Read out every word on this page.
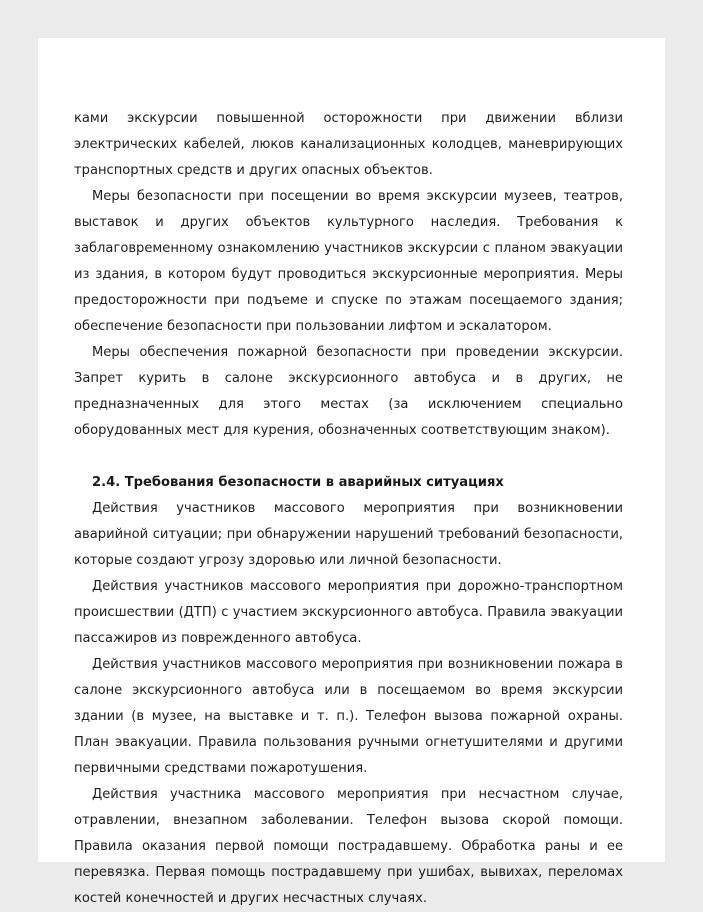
ками экскурсии повышенной осторожности при движении вблизи электрических кабелей, люков канализационных колодцев, маневрирующих транспортных средств и других опасных объектов.

Меры безопасности при посещении во время экскурсии музеев, театров, выставок и других объектов культурного наследия. Требования к заблаговременному ознакомлению участников экскурсии с планом эвакуации из здания, в котором будут проводиться экскурсионные мероприятия. Меры предосторожности при подъеме и спуске по этажам посещаемого здания; обеспечение безопасности при пользовании лифтом и эскалатором.

Меры обеспечения пожарной безопасности при проведении экскурсии. Запрет курить в салоне экскурсионного автобуса и в других, не предназначенных для этого местах (за исключением специально оборудованных мест для курения, обозначенных соответствующим знаком).

2.4. Требования безопасности в аварийных ситуациях

Действия участников массового мероприятия при возникновении аварийной ситуации; при обнаружении нарушений требований безопасности, которые создают угрозу здоровью или личной безопасности.

Действия участников массового мероприятия при дорожно-транспортном происшествии (ДТП) с участием экскурсионного автобуса. Правила эвакуации пассажиров из поврежденного автобуса.

Действия участников массового мероприятия при возникновении пожара в салоне экскурсионного автобуса или в посещаемом во время экскурсии здании (в музее, на выставке и т. п.). Телефон вызова пожарной охраны. План эвакуации. Правила пользования ручными огнетушителями и другими первичными средствами пожаротушения.

Действия участника массового мероприятия при несчастном случае, отравлении, внезапном заболевании. Телефон вызова скорой помощи. Правила оказания первой помощи пострадавшему. Обработка раны и ее перевязка. Первая помощь пострадавшему при ушибах, вывихах, переломах костей конечностей и других несчастных случаях.
